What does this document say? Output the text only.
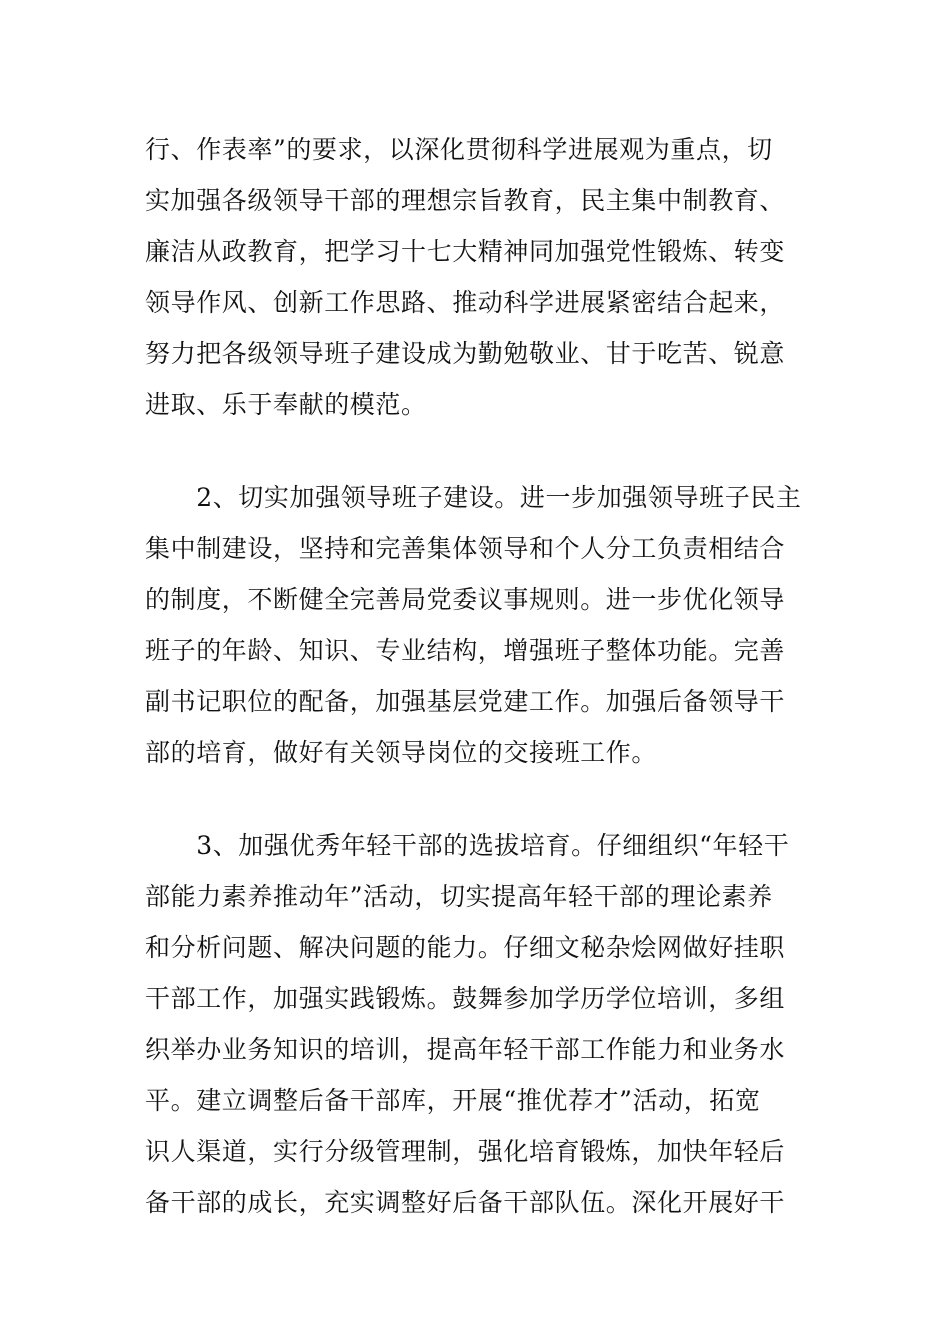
行、作表率”的要求，以深化贯彻科学进展观为重点，切
实加强各级领导干部的理想宗旨教育，民主集中制教育、
廉洁从政教育，把学习十七大精神同加强党性锻炼、转变
领导作风、创新工作思路、推动科学进展紧密结合起来，
努力把各级领导班子建设成为勤勉敬业、甘于吃苦、锐意
进取、乐于奉献的模范。
　　2、切实加强领导班子建设。进一步加强领导班子民主
集中制建设，坚持和完善集体领导和个人分工负责相结合
的制度，不断健全完善局党委议事规则。进一步优化领导
班子的年龄、知识、专业结构，增强班子整体功能。完善
副书记职位的配备，加强基层党建工作。加强后备领导干
部的培育，做好有关领导岗位的交接班工作。
　　3、加强优秀年轻干部的选拔培育。仔细组织“年轻干
部能力素养推动年”活动，切实提高年轻干部的理论素养
和分析问题、解决问题的能力。仔细文秘杂烩网做好挂职
干部工作，加强实践锻炼。鼓舞参加学历学位培训，多组
织举办业务知识的培训，提高年轻干部工作能力和业务水
平。建立调整后备干部库，开展“推优荐才”活动，拓宽
识人渠道，实行分级管理制，强化培育锻炼，加快年轻后
备干部的成长，充实调整好后备干部队伍。深化开展好干
